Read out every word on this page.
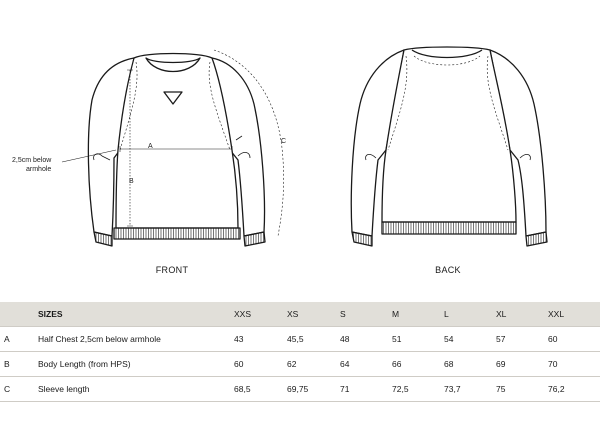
A
B
C
2,5cm below
armhole
FRONT	BACK
	SIZES	XXS	XS	S	M	L	XL	XXL
A	Half Chest 2,5cm below armhole	43	45,5	48	51	54	57	60
B	Body Length (from HPS)	60	62	64	66	68	69	70
C	Sleeve length	68,5	69,75	71	72,5	73,7	75	76,2
